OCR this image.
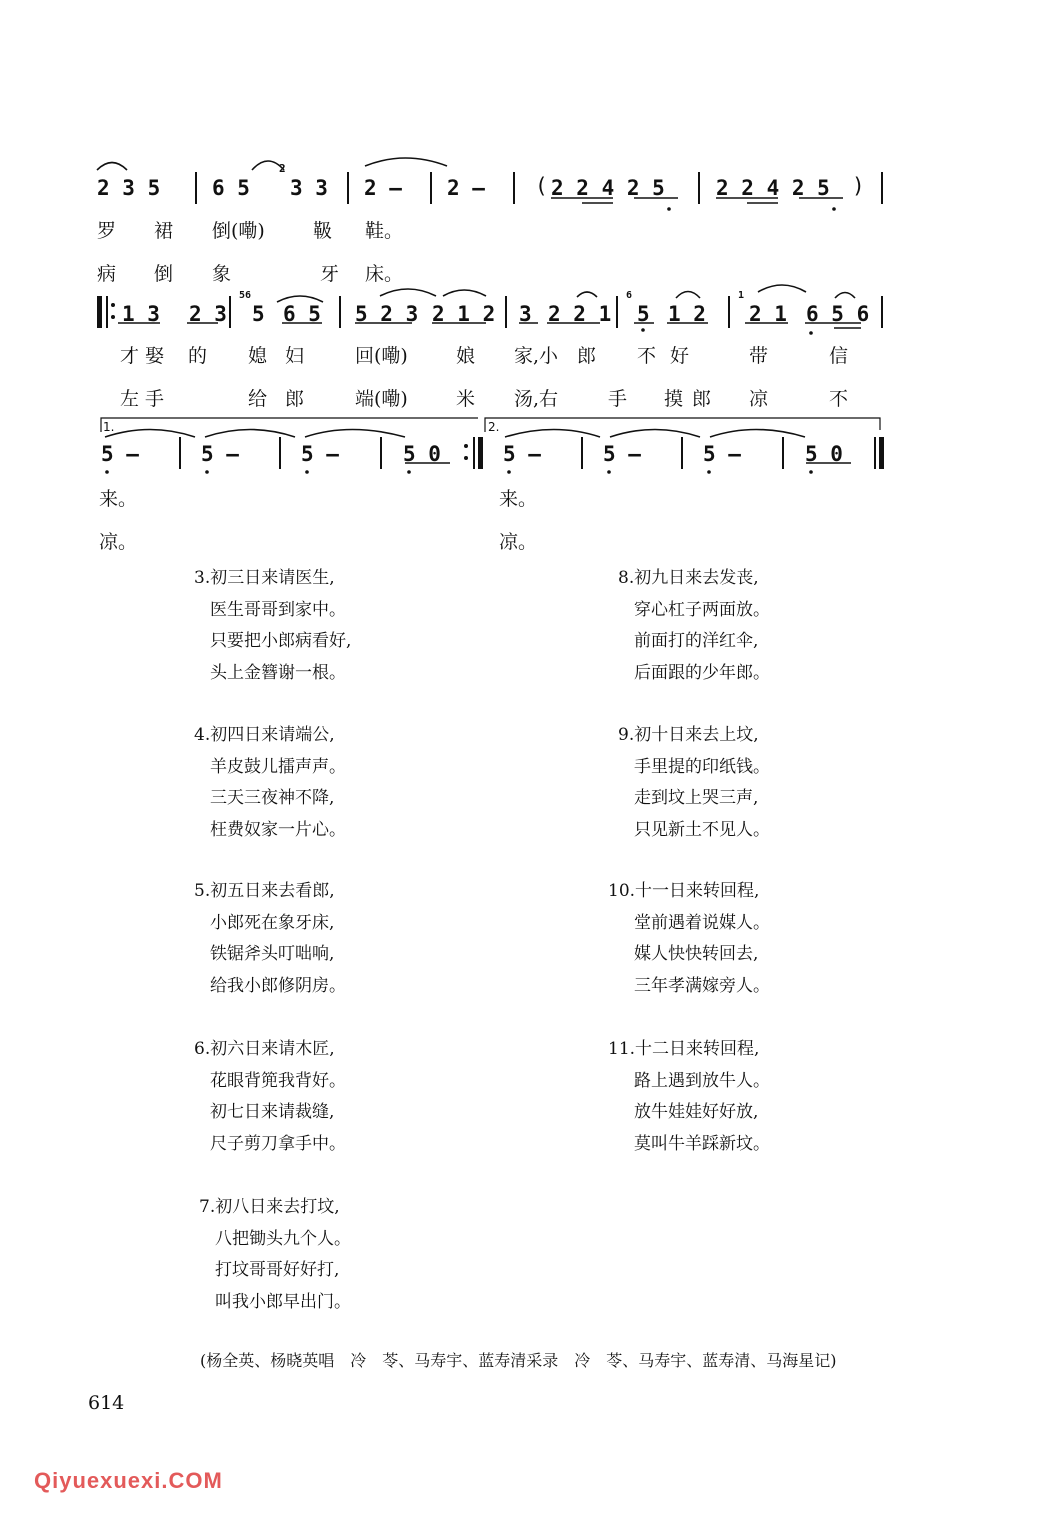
2 3 5 6 5
2
3 3 2 – 2 – ( 2 2 4 2 5 2 2 4 2 5 )
罗 裙 倒(嘞)	靸 鞋。
病 倒 象	牙 床。
1 3 2 3
56
5 6 5 5 2 3 2 1 2 3 2 2 1
6
5 1 2
1
2 1 6 5 6
才 娶 的 媳 妇	回(嘞)	娘 家,小 郎 不 好	带	信
左 手	给 郎	端(嘞)	米 汤,右	手 摸 郎 凉	不
1.	2.
5 –	5 –	5 –	5 0	5 –	5 –	5 –	5 0
来。	来。
凉。	凉。
3.初三日来请医生,
医生哥哥到家中。
只要把小郎病看好,
头上金簪谢一根。
4.初四日来请端公,
羊皮鼓儿擂声声。
三天三夜神不降,
枉费奴家一片心。
5.初五日来去看郎,
小郎死在象牙床,
铁锯斧头叮咄响,
给我小郎修阴房。
6.初六日来请木匠,
花眼背篼我背好。
初七日来请裁缝,
尺子剪刀拿手中。
7.初八日来去打坟,
八把锄头九个人。
打坟哥哥好好打,
叫我小郎早出门。
8.初九日来去发丧,
穿心杠子两面放。
前面打的洋红伞,
后面跟的少年郎。
9.初十日来去上坟,
手里提的印纸钱。
走到坟上哭三声,
只见新土不见人。
10.十一日来转回程,
堂前遇着说媒人。
媒人快快转回去,
三年孝满嫁旁人。
11.十二日来转回程,
路上遇到放牛人。
放牛娃娃好好放,
莫叫牛羊踩新坟。
(杨全英、杨晓英唱　冷　苓、马寿宇、蓝寿清采录　冷　苓、马寿宇、蓝寿清、马海星记)
614
Qiyuexuexi.COM
